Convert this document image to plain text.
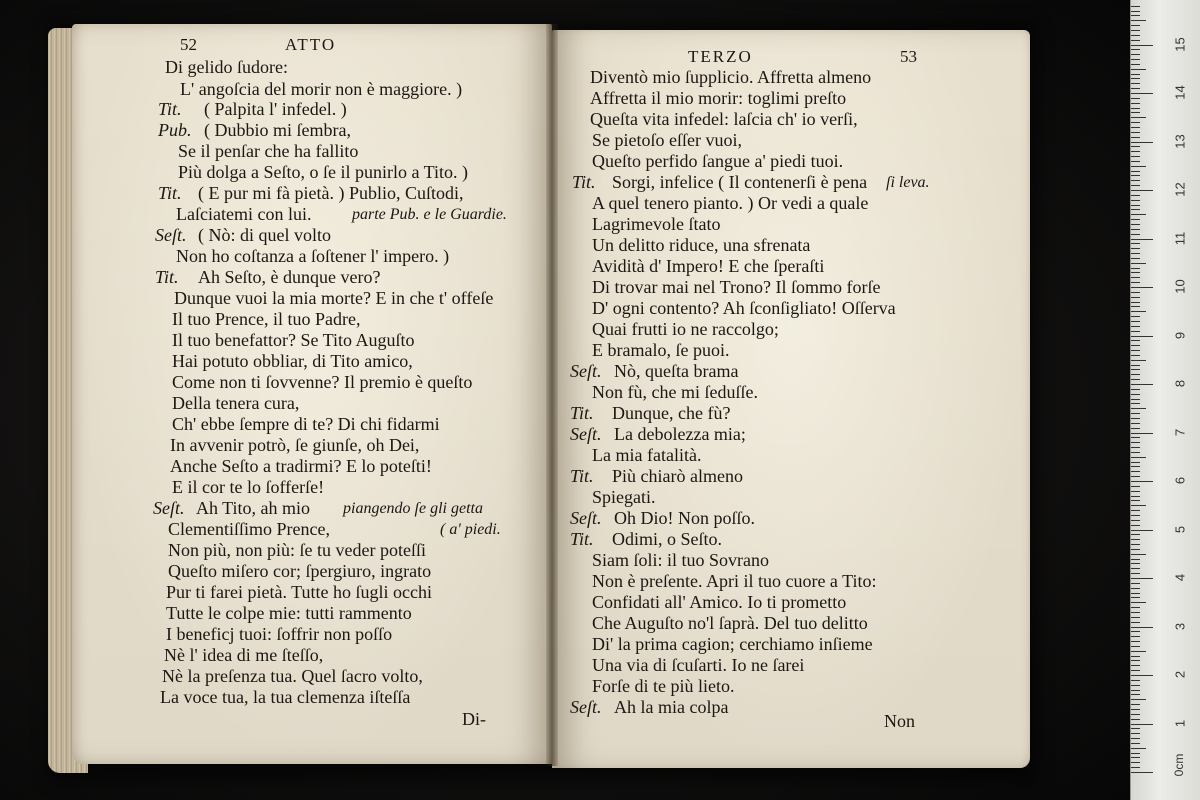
52	ATTO
Di gelido ſudore:
L' angoſcia del morir non è maggiore. )
Tit. ( Palpita l' infedel. )
Pub. ( Dubbio mi ſembra,
Se il penſar che ha fallito
Più dolga a Seſto, o ſe il punirlo a Tito. )
Tit. ( E pur mi fà pietà. ) Publio, Cuſtodi,
Laſciatemi con lui.	parte Pub. e le Guardie.
Seſt. ( Nò: di quel volto
Non ho coſtanza a ſoſtener l' impero. )
Tit. Ah Seſto, è dunque vero?
Dunque vuoi la mia morte? E in che t' offeſe
Il tuo Prence, il tuo Padre,
Il tuo benefattor? Se Tito Auguſto
Hai potuto obbliar, di Tito amico,
Come non ti ſovvenne? Il premio è queſto
Della tenera cura,
Ch' ebbe ſempre di te? Di chi fidarmi
In avvenir potrò, ſe giunſe, oh Dei,
Anche Seſto a tradirmi? E lo poteſti!
E il cor te lo ſofferſe!
Seſt. Ah Tito, ah mio piangendo ſe gli getta
Clementiſſimo Prence,	( a' piedi.
Non più, non più: ſe tu veder poteſſi
Queſto miſero cor; ſpergiuro, ingrato
Pur ti farei pietà. Tutte ho ſugli occhi
Tutte le colpe mie: tutti rammento
I beneficj tuoi: ſoffrir non poſſo
Nè l' idea di me ſteſſo,
Nè la preſenza tua. Quel ſacro volto,
La voce tua, la tua clemenza iſteſſa
Di-
TERZO	53
Diventò mio ſupplicio. Affretta almeno
Affretta il mio morir: toglimi preſto
Queſta vita infedel: laſcia ch' io verſi,
Se pietoſo eſſer vuoi,
Queſto perfido ſangue a' piedi tuoi.
Tit. Sorgi, infelice ( Il contenerſi è pena ſi leva.
A quel tenero pianto. ) Or vedi a quale
Lagrimevole ſtato
Un delitto riduce, una sfrenata
Avidità d' Impero! E che ſperaſti
Di trovar mai nel Trono? Il ſommo forſe
D' ogni contento? Ah ſconſigliato! Oſſerva
Quai frutti io ne raccolgo;
E bramalo, ſe puoi.
Seſt. Nò, queſta brama
Non fù, che mi ſeduſſe.
Tit. Dunque, che fù?
Seſt. La debolezza mia;
La mia fatalità.
Tit. Più chiarò almeno
Spiegati.
Seſt. Oh Dio! Non poſſo.
Tit. Odimi, o Seſto.
Siam ſoli: il tuo Sovrano
Non è preſente. Apri il tuo cuore a Tito:
Confidati all' Amico. Io ti prometto
Che Auguſto no'l ſaprà. Del tuo delitto
Di' la prima cagion; cerchiamo inſieme
Una via di ſcuſarti. Io ne ſarei
Forſe di te più lieto.
Seſt. Ah la mia colpa
Non
0cm
1
2
3
4
5
6
7
8
9
10
11
12
13
14
15
